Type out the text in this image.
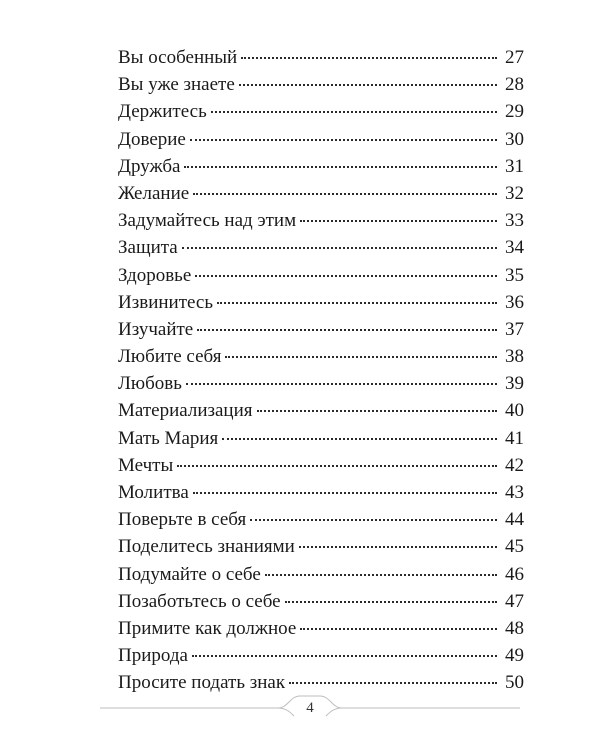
Вы особенный	27
Вы уже знаете	28
Держитесь	29
Доверие	30
Дружба	31
Желание	32
Задумайтесь над этим	33
Защита	34
Здоровье	35
Извинитесь	36
Изучайте	37
Любите себя	38
Любовь	39
Материализация	40
Мать Мария	41
Мечты	42
Молитва	43
Поверьте в себя	44
Поделитесь знаниями	45
Подумайте о себе	46
Позаботьтесь о себе	47
Примите как должное	48
Природа	49
Просите подать знак	50
4
